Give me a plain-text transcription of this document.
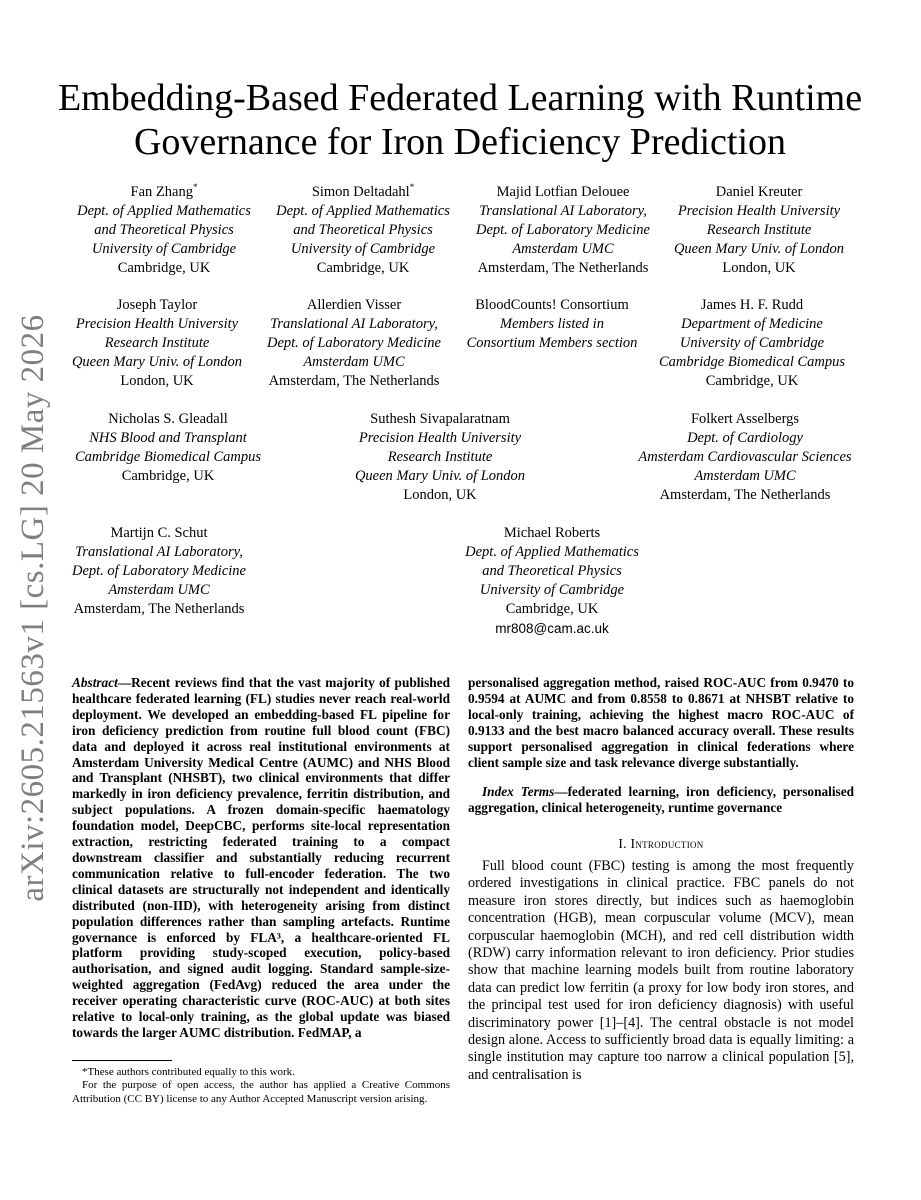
arXiv:2605.21563v1 [cs.LG] 20 May 2026
Embedding-Based Federated Learning with Runtime
Governance for Iron Deficiency Prediction
Fan Zhang*
Dept. of Applied Mathematics
and Theoretical Physics
University of Cambridge
Cambridge, UK
Simon Deltadahl*
Dept. of Applied Mathematics
and Theoretical Physics
University of Cambridge
Cambridge, UK
Majid Lotfian Delouee
Translational AI Laboratory,
Dept. of Laboratory Medicine
Amsterdam UMC
Amsterdam, The Netherlands
Daniel Kreuter
Precision Health University
Research Institute
Queen Mary Univ. of London
London, UK
Joseph Taylor
Precision Health University
Research Institute
Queen Mary Univ. of London
London, UK
Allerdien Visser
Translational AI Laboratory,
Dept. of Laboratory Medicine
Amsterdam UMC
Amsterdam, The Netherlands
BloodCounts! Consortium
Members listed in
Consortium Members section
James H. F. Rudd
Department of Medicine
University of Cambridge
Cambridge Biomedical Campus
Cambridge, UK
Nicholas S. Gleadall
NHS Blood and Transplant
Cambridge Biomedical Campus
Cambridge, UK
Suthesh Sivapalaratnam
Precision Health University
Research Institute
Queen Mary Univ. of London
London, UK
Folkert Asselbergs
Dept. of Cardiology
Amsterdam Cardiovascular Sciences
Amsterdam UMC
Amsterdam, The Netherlands
Martijn C. Schut
Translational AI Laboratory,
Dept. of Laboratory Medicine
Amsterdam UMC
Amsterdam, The Netherlands
Michael Roberts
Dept. of Applied Mathematics
and Theoretical Physics
University of Cambridge
Cambridge, UK
mr808@cam.ac.uk

Abstract—Recent reviews find that the vast majority of published healthcare federated learning (FL) studies never reach real-world deployment. We developed an embedding-based FL pipeline for iron deficiency prediction from routine full blood count (FBC) data and deployed it across real institutional environments at Amsterdam University Medical Centre (AUMC) and NHS Blood and Transplant (NHSBT), two clinical environments that differ markedly in iron deficiency prevalence, ferritin distribution, and subject populations. A frozen domain-specific haematology foundation model, DeepCBC, performs site-local representation extraction, restricting federated training to a compact downstream classifier and substantially reducing recurrent communication relative to full-encoder federation. The two clinical datasets are structurally not independent and identically distributed (non-IID), with heterogeneity arising from distinct population differences rather than sampling artefacts. Runtime governance is enforced by FLA³, a healthcare-oriented FL platform providing study-scoped execution, policy-based authorisation, and signed audit logging. Standard sample-size-weighted aggregation (FedAvg) reduced the area under the receiver operating characteristic curve (ROC-AUC) at both sites relative to local-only training, as the global update was biased towards the larger AUMC distribution. FedMAP, a

personalised aggregation method, raised ROC-AUC from 0.9470 to 0.9594 at AUMC and from 0.8558 to 0.8671 at NHSBT relative to local-only training, achieving the highest macro ROC-AUC of 0.9133 and the best macro balanced accuracy overall. These results support personalised aggregation in clinical federations where client sample size and task relevance diverge substantially.

Index Terms—federated learning, iron deficiency, personalised aggregation, clinical heterogeneity, runtime governance

I. Introduction

Full blood count (FBC) testing is among the most frequently ordered investigations in clinical practice. FBC panels do not measure iron stores directly, but indices such as haemoglobin concentration (HGB), mean corpuscular volume (MCV), mean corpuscular haemoglobin (MCH), and red cell distribution width (RDW) carry information relevant to iron deficiency. Prior studies show that machine learning models built from routine laboratory data can predict low ferritin (a proxy for low body iron stores, and the principal test used for iron deficiency diagnosis) with useful discriminatory power [1]–[4]. The central obstacle is not model design alone. Access to sufficiently broad data is equally limiting: a single institution may capture too narrow a clinical population [5], and centralisation is

*These authors contributed equally to this work.

For the purpose of open access, the author has applied a Creative Commons Attribution (CC BY) license to any Author Accepted Manuscript version arising.
